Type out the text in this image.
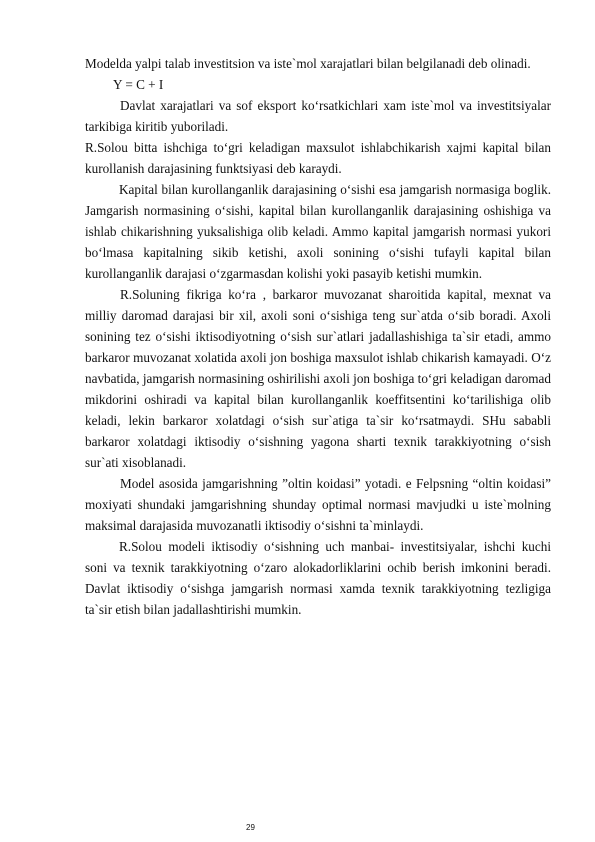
Modelda yalpi talab investitsion va iste`mol xarajatlari bilan belgilanadi deb olinadi.

Y = C + I

Davlat xarajatlari va sof eksport ko‘rsatkichlari xam iste`mol va investitsiyalar tarkibiga kiritib yuboriladi.

R.Solou bitta ishchiga to‘gri keladigan maxsulot ishlabchikarish xajmi kapital bilan kurollanish darajasining funktsiyasi deb karaydi.

Kapital bilan kurollanganlik darajasining o‘sishi esa jamgarish normasiga boglik. Jamgarish normasining o‘sishi, kapital bilan kurollanganlik darajasining oshishiga va ishlab chikarishning yuksalishiga olib keladi. Ammo kapital jamgarish normasi yukori bo‘lmasa kapitalning sikib ketishi, axoli sonining o‘sishi tufayli kapital bilan kurollanganlik darajasi o‘zgarmasdan kolishi yoki pasayib ketishi mumkin.

R.Soluning fikriga ko‘ra , barkaror muvozanat sharoitida kapital, mexnat va milliy daromad darajasi bir xil, axoli soni o‘sishiga teng sur`atda o‘sib boradi. Axoli sonining tez o‘sishi iktisodiyotning o‘sish sur`atlari jadallashishiga ta`sir etadi, ammo barkaror muvozanat xolatida axoli jon boshiga maxsulot ishlab chikarish kamayadi. O‘z navbatida, jamgarish normasining oshirilishi axoli jon boshiga to‘gri keladigan daromad mikdorini oshiradi va kapital bilan kurollanganlik koeffitsentini ko‘tarilishiga olib keladi, lekin barkaror xolatdagi o‘sish sur`atiga ta`sir ko‘rsatmaydi. SHu sababli barkaror xolatdagi iktisodiy o‘sishning yagona sharti texnik tarakkiyotning o‘sish sur`ati xisoblanadi.

Model asosida jamgarishning ”oltin koidasi” yotadi. e Felpsning “oltin koidasi” moxiyati shundaki jamgarishning shunday optimal normasi mavjudki u iste`molning maksimal darajasida muvozanatli iktisodiy o‘sishni ta`minlaydi.

R.Solou modeli iktisodiy o‘sishning uch manbai- investitsiyalar, ishchi kuchi soni va texnik tarakkiyotning o‘zaro alokadorliklarini ochib berish imkonini beradi. Davlat iktisodiy o‘sishga jamgarish normasi xamda texnik tarakkiyotning tezligiga ta`sir etish bilan jadallashtirishi mumkin.

29
